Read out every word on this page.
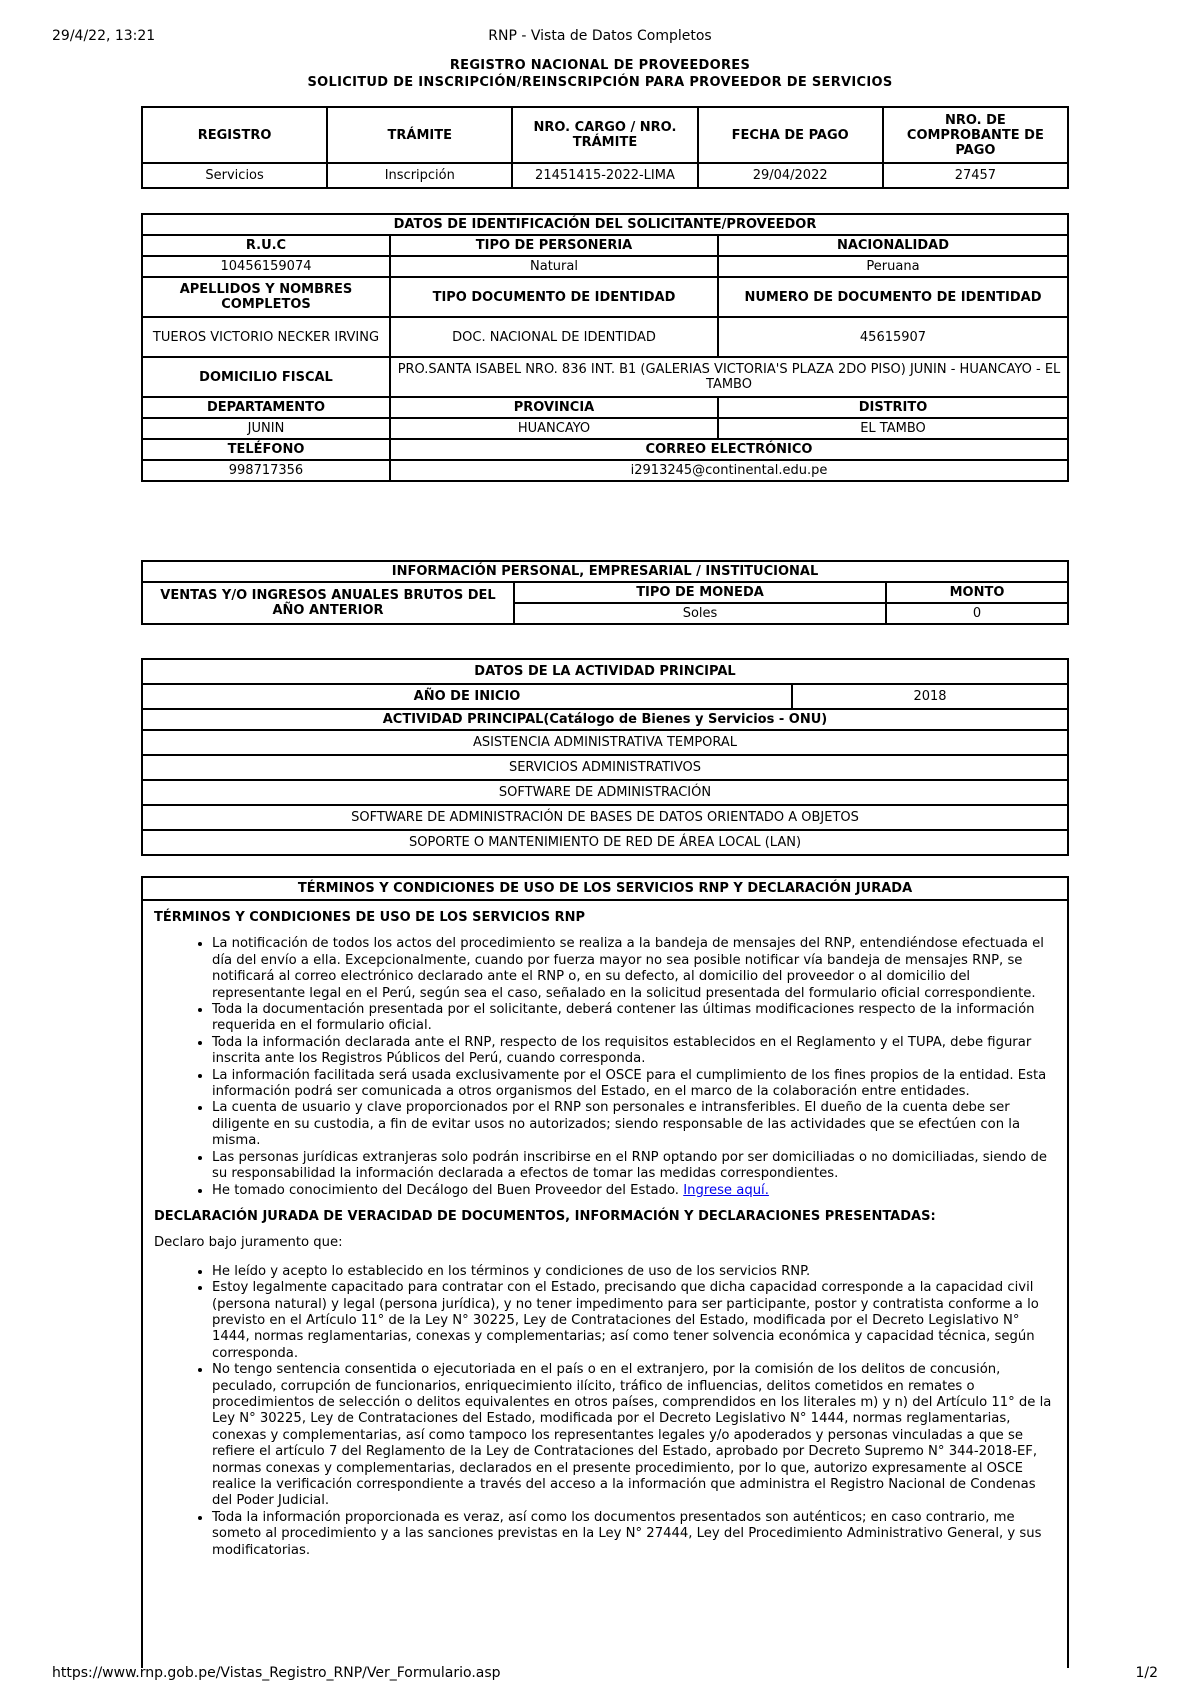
29/4/22, 13:21	RNP - Vista de Datos Completos
REGISTRO NACIONAL DE PROVEEDORES
SOLICITUD DE INSCRIPCIÓN/REINSCRIPCIÓN PARA PROVEEDOR DE SERVICIOS
REGISTRO	TRÁMITE	NRO. CARGO / NRO. TRÁMITE	FECHA DE PAGO	NRO. DE COMPROBANTE DE PAGO
Servicios	Inscripción	21451415-2022-LIMA	29/04/2022	27457
DATOS DE IDENTIFICACIÓN DEL SOLICITANTE/PROVEEDOR		
R.U.C	TIPO DE PERSONERIA	NACIONALIDAD
10456159074	Natural	Peruana
APELLIDOS Y NOMBRES COMPLETOS	TIPO DOCUMENTO DE IDENTIDAD	NUMERO DE DOCUMENTO DE IDENTIDAD
TUEROS VICTORIO NECKER IRVING	DOC. NACIONAL DE IDENTIDAD	45615907
DOMICILIO FISCAL	PRO.SANTA ISABEL NRO. 836 INT. B1 (GALERIAS VICTORIA'S PLAZA 2DO PISO) JUNIN - HUANCAYO - EL TAMBO	
DEPARTAMENTO	PROVINCIA	DISTRITO
JUNIN	HUANCAYO	EL TAMBO
TELÉFONO	CORREO ELECTRÓNICO	
998717356	i2913245@continental.edu.pe	
INFORMACIÓN PERSONAL, EMPRESARIAL / INSTITUCIONAL		
VENTAS Y/O INGRESOS ANUALES BRUTOS DEL AÑO ANTERIOR	TIPO DE MONEDA	MONTO
	Soles	0
DATOS DE LA ACTIVIDAD PRINCIPAL
AÑO DE INICIO	2018
ACTIVIDAD PRINCIPAL(Catálogo de Bienes y Servicios - ONU)
ASISTENCIA ADMINISTRATIVA TEMPORAL
SERVICIOS ADMINISTRATIVOS
SOFTWARE DE ADMINISTRACIÓN
SOFTWARE DE ADMINISTRACIÓN DE BASES DE DATOS ORIENTADO A OBJETOS
SOPORTE O MANTENIMIENTO DE RED DE ÁREA LOCAL (LAN)
TÉRMINOS Y CONDICIONES DE USO DE LOS SERVICIOS RNP Y DECLARACIÓN JURADA
TÉRMINOS Y CONDICIONES DE USO DE LOS SERVICIOS RNP
• La notificación de todos los actos del procedimiento se realiza a la bandeja de mensajes del RNP, entendiéndose efectuada el día del envío a ella. Excepcionalmente, cuando por fuerza mayor no sea posible notificar vía bandeja de mensajes RNP, se notificará al correo electrónico declarado ante el RNP o, en su defecto, al domicilio del proveedor o al domicilio del representante legal en el Perú, según sea el caso, señalado en la solicitud presentada del formulario oficial correspondiente.
• Toda la documentación presentada por el solicitante, deberá contener las últimas modificaciones respecto de la información requerida en el formulario oficial.
• Toda la información declarada ante el RNP, respecto de los requisitos establecidos en el Reglamento y el TUPA, debe figurar inscrita ante los Registros Públicos del Perú, cuando corresponda.
• La información facilitada será usada exclusivamente por el OSCE para el cumplimiento de los fines propios de la entidad. Esta información podrá ser comunicada a otros organismos del Estado, en el marco de la colaboración entre entidades.
• La cuenta de usuario y clave proporcionados por el RNP son personales e intransferibles. El dueño de la cuenta debe ser diligente en su custodia, a fin de evitar usos no autorizados; siendo responsable de las actividades que se efectúen con la misma.
• Las personas jurídicas extranjeras solo podrán inscribirse en el RNP optando por ser domiciliadas o no domiciliadas, siendo de su responsabilidad la información declarada a efectos de tomar las medidas correspondientes.
• He tomado conocimiento del Decálogo del Buen Proveedor del Estado. Ingrese aquí.
DECLARACIÓN JURADA DE VERACIDAD DE DOCUMENTOS, INFORMACIÓN Y DECLARACIONES PRESENTADAS:
Declaro bajo juramento que:
• He leído y acepto lo establecido en los términos y condiciones de uso de los servicios RNP.
• Estoy legalmente capacitado para contratar con el Estado, precisando que dicha capacidad corresponde a la capacidad civil (persona natural) y legal (persona jurídica), y no tener impedimento para ser participante, postor y contratista conforme a lo previsto en el Artículo 11° de la Ley N° 30225, Ley de Contrataciones del Estado, modificada por el Decreto Legislativo N° 1444, normas reglamentarias, conexas y complementarias; así como tener solvencia económica y capacidad técnica, según corresponda.
• No tengo sentencia consentida o ejecutoriada en el país o en el extranjero, por la comisión de los delitos de concusión, peculado, corrupción de funcionarios, enriquecimiento ilícito, tráfico de influencias, delitos cometidos en remates o procedimientos de selección o delitos equivalentes en otros países, comprendidos en los literales m) y n) del Artículo 11° de la Ley N° 30225, Ley de Contrataciones del Estado, modificada por el Decreto Legislativo N° 1444, normas reglamentarias, conexas y complementarias, así como tampoco los representantes legales y/o apoderados y personas vinculadas a que se refiere el artículo 7 del Reglamento de la Ley de Contrataciones del Estado, aprobado por Decreto Supremo N° 344-2018-EF, normas conexas y complementarias, declarados en el presente procedimiento, por lo que, autorizo expresamente al OSCE realice la verificación correspondiente a través del acceso a la información que administra el Registro Nacional de Condenas del Poder Judicial.
• Toda la información proporcionada es veraz, así como los documentos presentados son auténticos; en caso contrario, me someto al procedimiento y a las sanciones previstas en la Ley N° 27444, Ley del Procedimiento Administrativo General, y sus modificatorias.
https://www.rnp.gob.pe/Vistas_Registro_RNP/Ver_Formulario.asp	1/2
